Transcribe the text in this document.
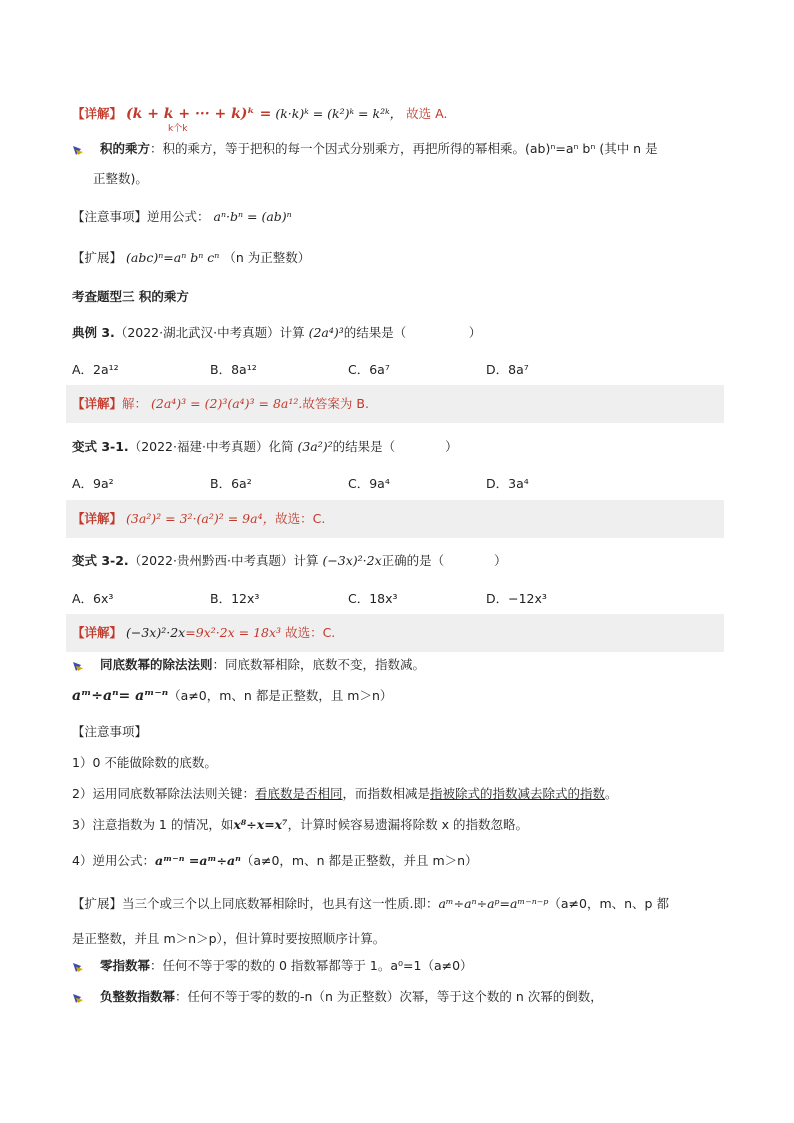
【详解】 (k + k + ··· + k)ᵏ =
k个k
(k·k)ᵏ = (k²)ᵏ = k²ᵏ， 故选 A.
积的乘方：积的乘方，等于把积的每一个因式分别乘方，再把所得的幂相乘。(ab)ⁿ=aⁿ bⁿ (其中 n 是
正整数)。
【注意事项】逆用公式： aⁿ·bⁿ = (ab)ⁿ
【扩展】 (abc)ⁿ=aⁿ bⁿ cⁿ （n 为正整数）
考查题型三 积的乘方
典例 3.（2022·湖北武汉·中考真题）计算 (2a⁴)³的结果是（　　　　　）
A．2a¹²	B．8a¹²	C．6a⁷	D．8a⁷
【详解】解： (2a⁴)³ = (2)³(a⁴)³ = 8a¹².故答案为 B.
变式 3-1.（2022·福建·中考真题）化简 (3a²)²的结果是（　　　　）
A．9a²	B．6a²	C．9a⁴	D．3a⁴
【详解】 (3a²)² = 3²·(a²)² = 9a⁴，故选：C.
变式 3-2.（2022·贵州黔西·中考真题）计算 (−3x)²·2x正确的是（　　　　）
A．6x³	B．12x³	C．18x³	D．−12x³
【详解】 (−3x)²·2x=9x²·2x = 18x³ 故选：C.
同底数幂的除法法则：同底数幂相除，底数不变，指数减。
aᵐ÷aⁿ= aᵐ⁻ⁿ（a≠0，m、n 都是正整数，且 m＞n）
【注意事项】
1）0 不能做除数的底数。
2）运用同底数幂除法法则关键：看底数是否相同，而指数相减是指被除式的指数减去除式的指数。
3）注意指数为 1 的情况，如x⁸÷x=x⁷，计算时候容易遗漏将除数 x 的指数忽略。
4）逆用公式：aᵐ⁻ⁿ =aᵐ÷aⁿ（a≠0，m、n 都是正整数，并且 m＞n）
【扩展】当三个或三个以上同底数幂相除时，也具有这一性质.即：aᵐ÷aⁿ÷aᵖ=aᵐ⁻ⁿ⁻ᵖ（a≠0，m、n、p 都
是正整数，并且 m＞n＞p），但计算时要按照顺序计算。
零指数幂：任何不等于零的数的 0 指数幂都等于 1。a⁰=1（a≠0）
负整数指数幂：任何不等于零的数的-n（n 为正整数）次幂，等于这个数的 n 次幂的倒数，
